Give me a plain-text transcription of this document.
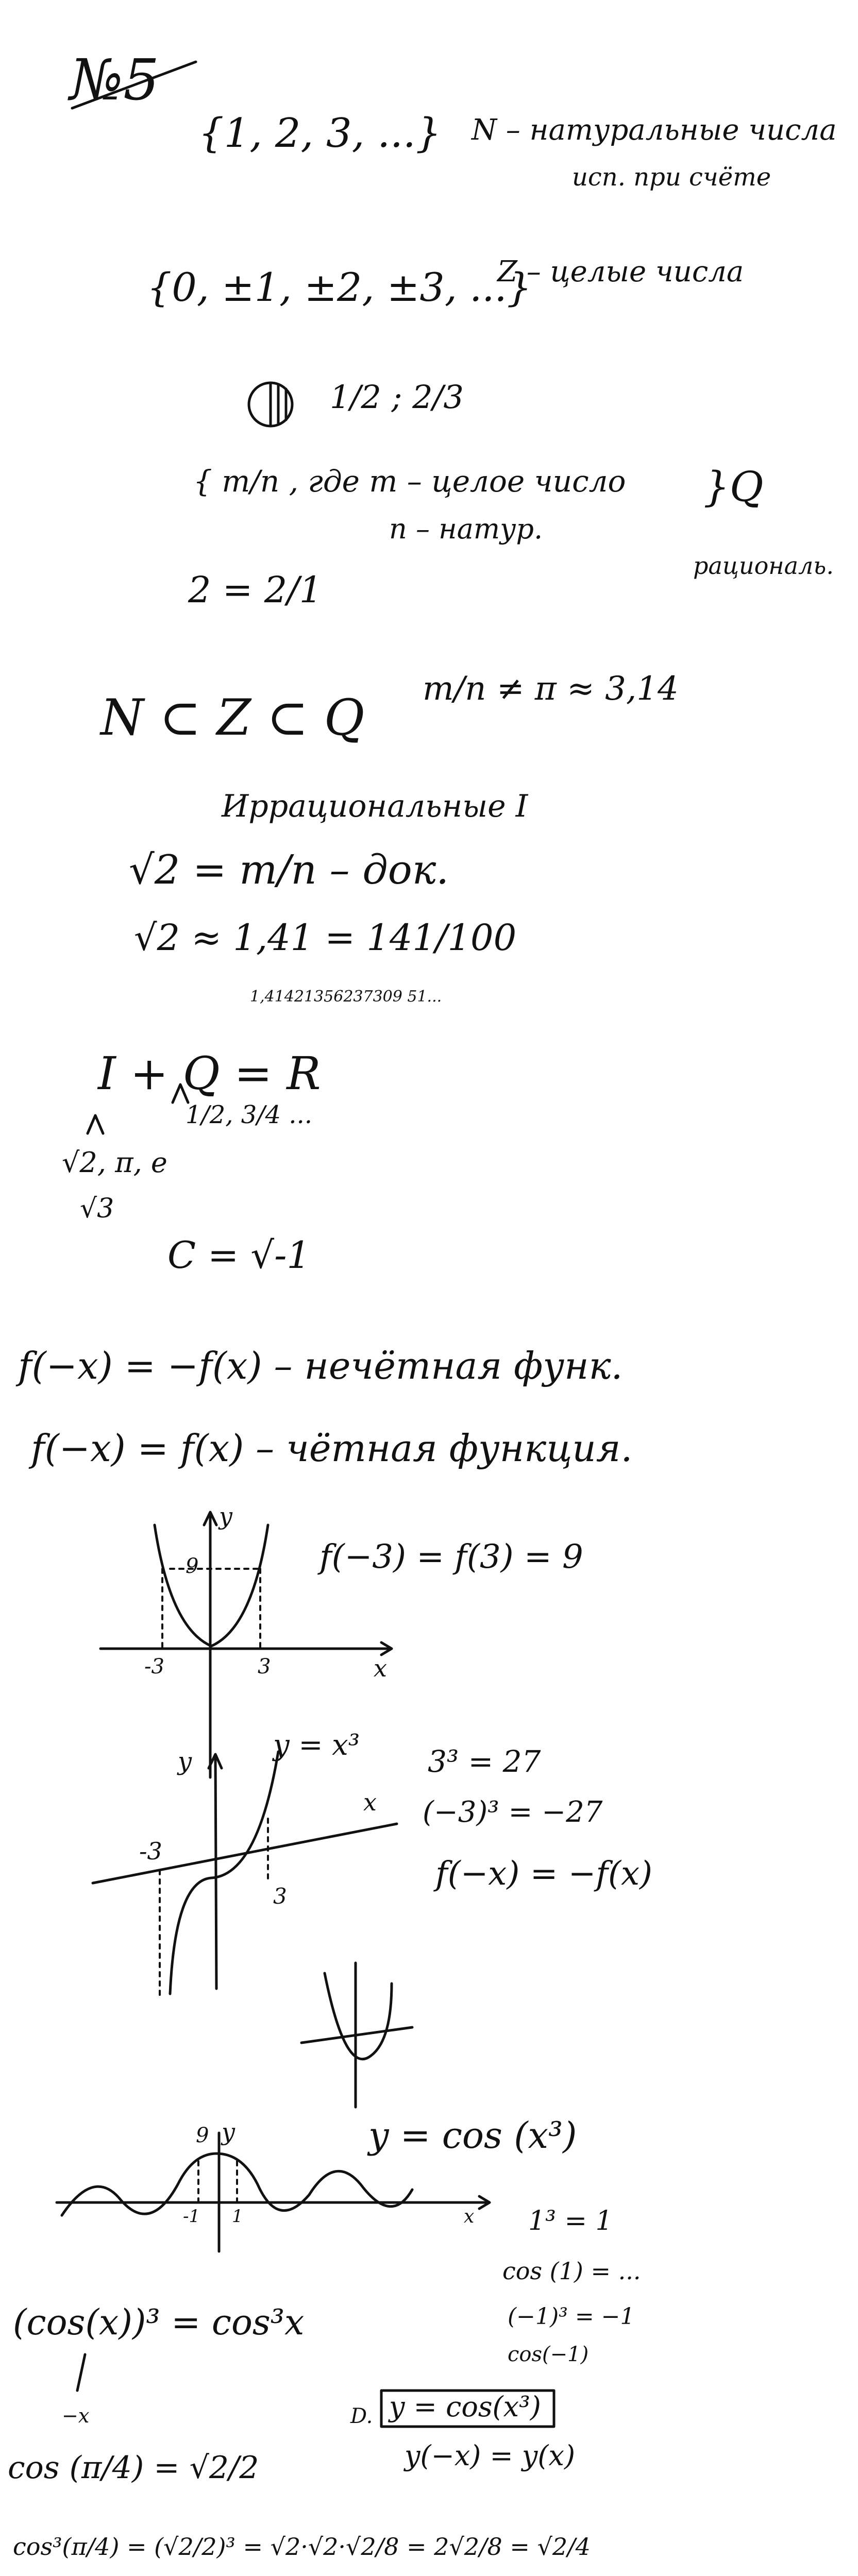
№5
{1, 2, 3, ...} N – натуральные числа
исп. при счёте
{0, ±1, ±2, ±3, ...}
Z – целые числа
1/2 ; 2/3
{ m/n , где m – целое число
n – натур.
}Q
рациональ.
2 = 2/1
N ⊂ Z ⊂ Q m/n ≠ π ≈ 3,14
Иррациональные I
√2 = m/n – док.
√2 ≈ 1,41 = 141/100
1,41421356237309 51...
I + Q = R
1/2, 3/4 ...
√2, π, e
√3
C = √-1
f(−x) = −f(x) – нечётная функ.
f(−x) = f(x) – чётная функция.
y
9	f(−3) = f(3) = 9
-3	3	x
y	y = x³
x
-3
3
3³ = 27
(−3)³ = −27
f(−x) = −f(x)
9 y
-1 1	x
y = cos (x³)
1³ = 1
cos (1) = ...
(−1)³ = −1
cos(−1)
(cos(x))³ = cos³x
−x	D. y = cos(x³)
y(−x) = y(x)
cos (π/4) = √2/2
cos³(π/4) = (√2/2)³ = √2·√2·√2/8 = 2√2/8 = √2/4
